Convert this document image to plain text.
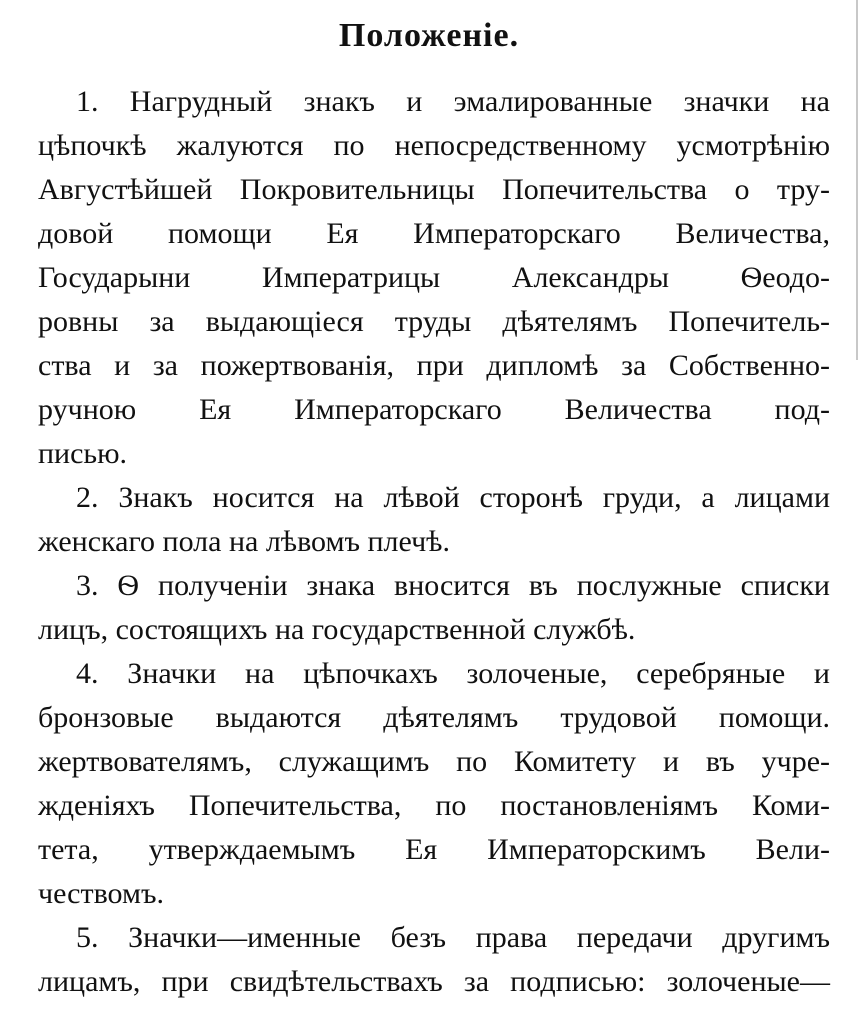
Положенiе.
1. Нагрудный знакъ и эмалированные значки на
цѣпочкѣ жалуются по непосредственному усмотрѣнiю
Августѣйшей Покровительницы Попечительства о тру-
довой помощи Ея Императорскаго Величества,
Государыни Императрицы Александры Ѳеодо-
ровны за выдающiеся труды дѣятелямъ Попечитель-
ства и за пожертвованiя, при дипломѣ за Собственно-
ручною Ея Императорскаго Величества под-
писью.
2. Знакъ носится на лѣвой сторонѣ груди, а лицами
женскаго пола на лѣвомъ плечѣ.
3. Ѳ полученiи знака вносится въ послужные списки
лицъ, состоящихъ на государственной службѣ.
4. Значки на цѣпочкахъ золоченые, серебряные и
бронзовые выдаются дѣятелямъ трудовой помощи.
жертвователямъ, служащимъ по Комитету и въ учре-
жденiяхъ Попечительства, по постановленiямъ Коми-
тета, утверждаемымъ Ея Императорскимъ Вели-
чествомъ.
5. Значки—именные безъ права передачи другимъ
лицамъ, при свидѣтельствахъ за подписью: золоченые—
